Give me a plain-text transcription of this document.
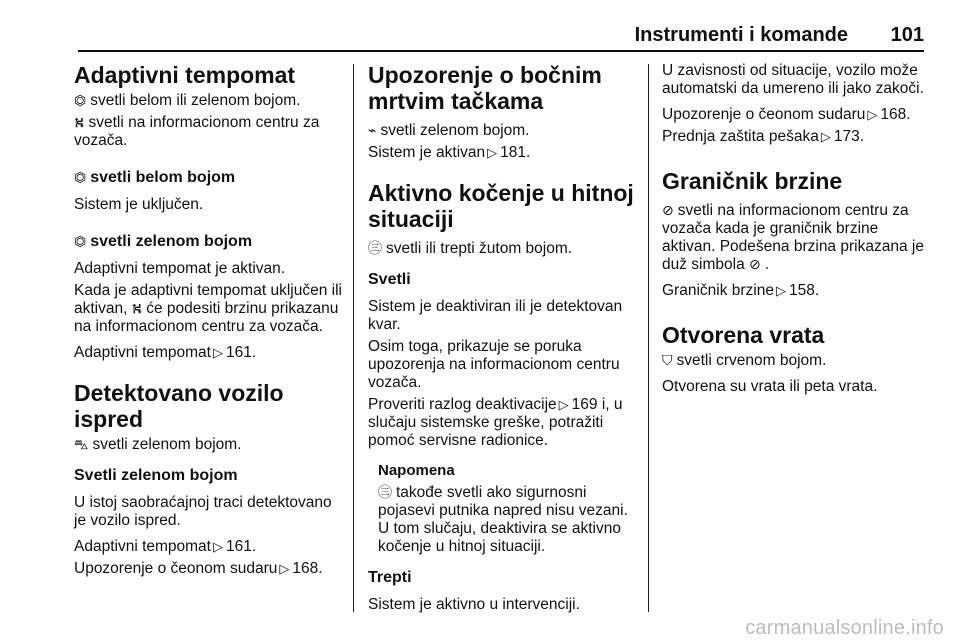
Instrumenti i komande 101
Adaptivni tempomat

⏣ svetli belom ili zelenom bojom.

⛕ svetli na informacionom centru za vozača.

⏣ svetli belom bojom

Sistem je uključen.

⏣ svetli zelenom bojom

Adaptivni tempomat je aktivan.

Kada je adaptivni tempomat uključen ili aktivan, ⛕ će podesiti brzinu prikazanu na informacionom centru za vozača.

Adaptivni tempomat ▷ 161.

Detektovano vozilo ispred

⛍ svetli zelenom bojom.

Svetli zelenom bojom

U istoj saobraćajnoj traci detektovano je vozilo ispred.

Adaptivni tempomat ▷ 161.

Upozorenje o čeonom sudaru ▷ 168.

Upozorenje o bočnim mrtvim tačkama

⌁ svetli zelenom bojom.

Sistem je aktivan ▷ 181.

Aktivno kočenje u hitnoj situaciji

㊂ svetli ili trepti žutom bojom.

Svetli

Sistem je deaktiviran ili je detektovan kvar.

Osim toga, prikazuje se poruka upozorenja na informacionom centru vozača.

Proveriti razlog deaktivacije ▷ 169 i, u slučaju sistemske greške, potražiti pomoć servisne radionice.

Napomena

㊂ takođe svetli ako sigurnosni pojasevi putnika napred nisu vezani. U tom slučaju, deaktivira se aktivno kočenje u hitnoj situaciji.

Trepti

Sistem je aktivno u intervenciji.

U zavisnosti od situacije, vozilo može automatski da umereno ili jako zakoči.

Upozorenje o čeonom sudaru ▷ 168.

Prednja zaštita pešaka ▷ 173.

Graničnik brzine

⊘ svetli na informacionom centru za vozača kada je graničnik brzine aktivan. Podešena brzina prikazana je duž simbola ⊘ .

Graničnik brzine ▷ 158.

Otvorena vrata

⛉ svetli crvenom bojom.

Otvorena su vrata ili peta vrata.

carmanualsonline.info
